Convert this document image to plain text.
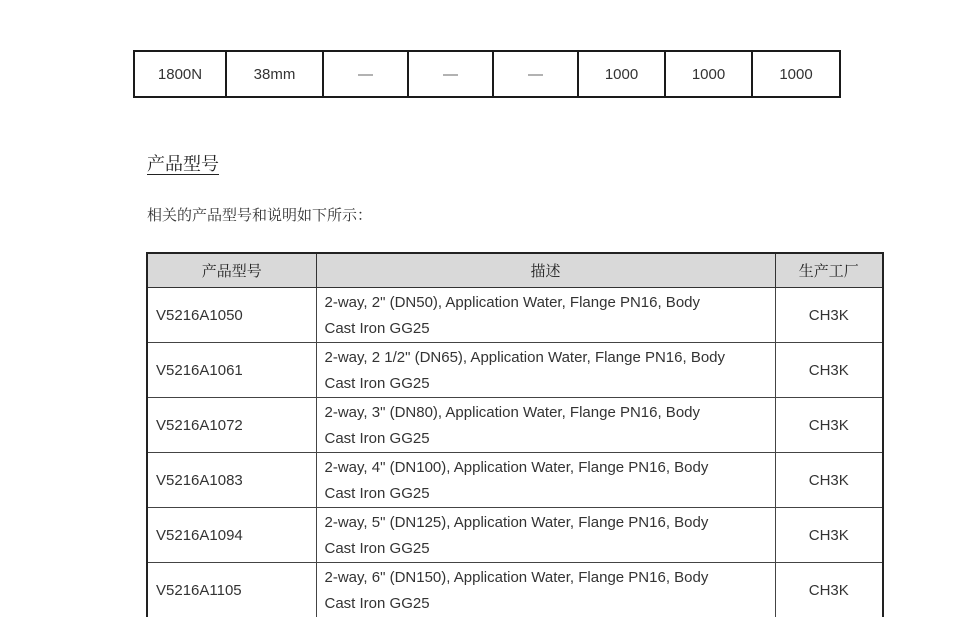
1800N	38mm	—	—	—	1000	1000	1000
产品型号

相关的产品型号和说明如下所示：

产品型号	描述	生产工厂
V5216A1050	2-way, 2" (DN50), Application Water, Flange PN16, Body
Cast Iron GG25	CH3K
V5216A1061	2-way, 2 1/2" (DN65), Application Water, Flange PN16, Body
Cast Iron GG25	CH3K
V5216A1072	2-way, 3" (DN80), Application Water, Flange PN16, Body
Cast Iron GG25	CH3K
V5216A1083	2-way, 4" (DN100), Application Water, Flange PN16, Body
Cast Iron GG25	CH3K
V5216A1094	2-way, 5" (DN125), Application Water, Flange PN16, Body
Cast Iron GG25	CH3K
V5216A1105	2-way, 6" (DN150), Application Water, Flange PN16, Body
Cast Iron GG25	CH3K
